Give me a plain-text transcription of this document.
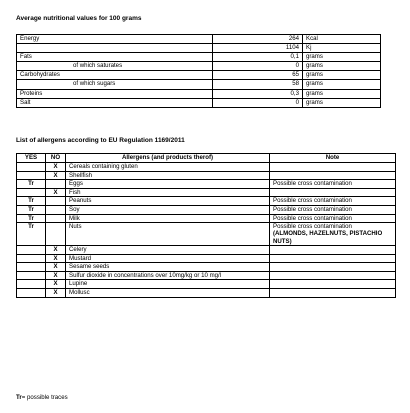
Average nutritional values for 100 grams
Energy	264	Kcal
	1104	Kj
Fats	0,1	grams
of which saturates	0	grams
Carbohydrates	65	grams
of which sugars	58	grams
Proteins	0,3	grams
Salt	0	grams
List of allergens according to EU Regulation 1169/2011
YES	NO	Allergens (and products therof)	Note
	X	Cereals containing gluten	
	X	Shellfish	
Tr		Eggs	Possible cross contamination
	X	Fish	
Tr		Peanuts	Possible cross contamination
Tr		Soy	Possible cross contamination
Tr		Milk	Possible cross contamination
Tr		Nuts	Possible cross contamination
(ALMONDS, HAZELNUTS, PISTACHIO NUTS)
	X	Celery	
	X	Mustard	
	X	Sesame seeds	
	X	Sulfur dioxide in concentrations over 10mg/kg or 10 mg/l	
	X	Lupine	
	X	Mollusc	
Tr= possible traces
